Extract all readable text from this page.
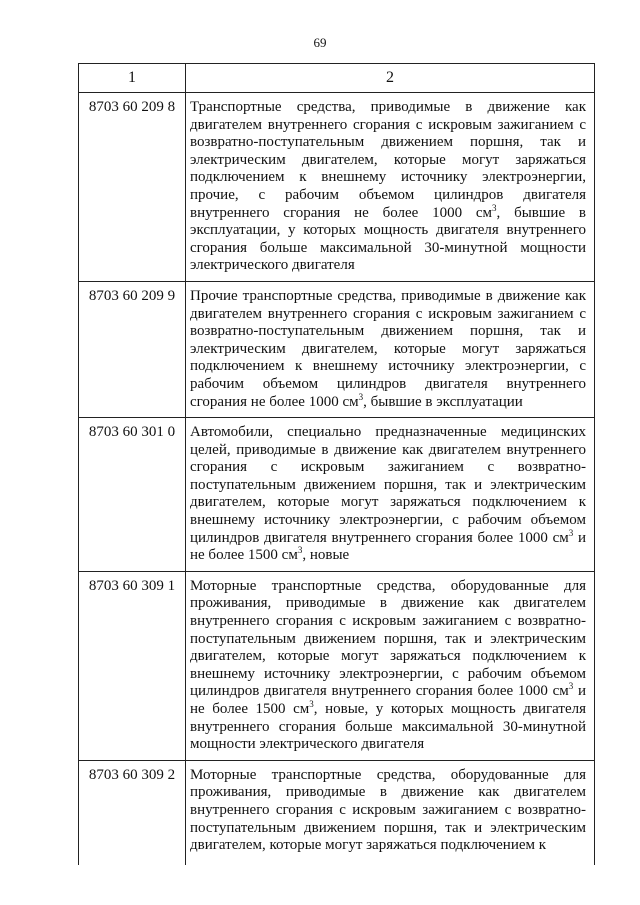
69
1	2
8703 60 209 8	Транспортные средства, приводимые в движение как двигателем внутреннего сгорания с искровым зажиганием с возвратно-поступательным движением поршня, так и электрическим двигателем, которые могут заряжаться подключением к внешнему источнику электроэнергии, прочие, с рабочим объемом цилиндров двигателя внутреннего сгорания не более 1000 $см^3$, бывшие в эксплуатации, у которых мощность двигателя внутреннего сгорания больше максимальной 30-минутной мощности электрического двигателя
8703 60 209 9	Прочие транспортные средства, приводимые в движение как двигателем внутреннего сгорания с искровым зажиганием с возвратно-поступательным движением поршня, так и электрическим двигателем, которые могут заряжаться подключением к внешнему источнику электроэнергии, с рабочим объемом цилиндров двигателя внутреннего сгорания не более 1000 $см^3$, бывшие в эксплуатации
8703 60 301 0	Автомобили, специально предназначенные медицинских целей, приводимые в движение как двигателем внутреннего сгорания с искровым зажиганием с возвратно-поступательным движением поршня, так и электрическим двигателем, которые могут заряжаться подключением к внешнему источнику электроэнергии, с рабочим объемом цилиндров двигателя внутреннего сгорания более 1000 $см^3$ и не более 1500 $см^3$, новые
8703 60 309 1	Моторные транспортные средства, оборудованные для проживания, приводимые в движение как двигателем внутреннего сгорания с искровым зажиганием с возвратно-поступательным движением поршня, так и электрическим двигателем, которые могут заряжаться подключением к внешнему источнику электроэнергии, с рабочим объемом цилиндров двигателя внутреннего сгорания более 1000 $см^3$ и не более 1500 $см^3$, новые, у которых мощность двигателя внутреннего сгорания больше максимальной 30-минутной мощности электрического двигателя
8703 60 309 2	Моторные транспортные средства, оборудованные для проживания, приводимые в движение как двигателем внутреннего сгорания с искровым зажиганием с возвратно-поступательным движением поршня, так и электрическим двигателем, которые могут заряжаться подключением к
